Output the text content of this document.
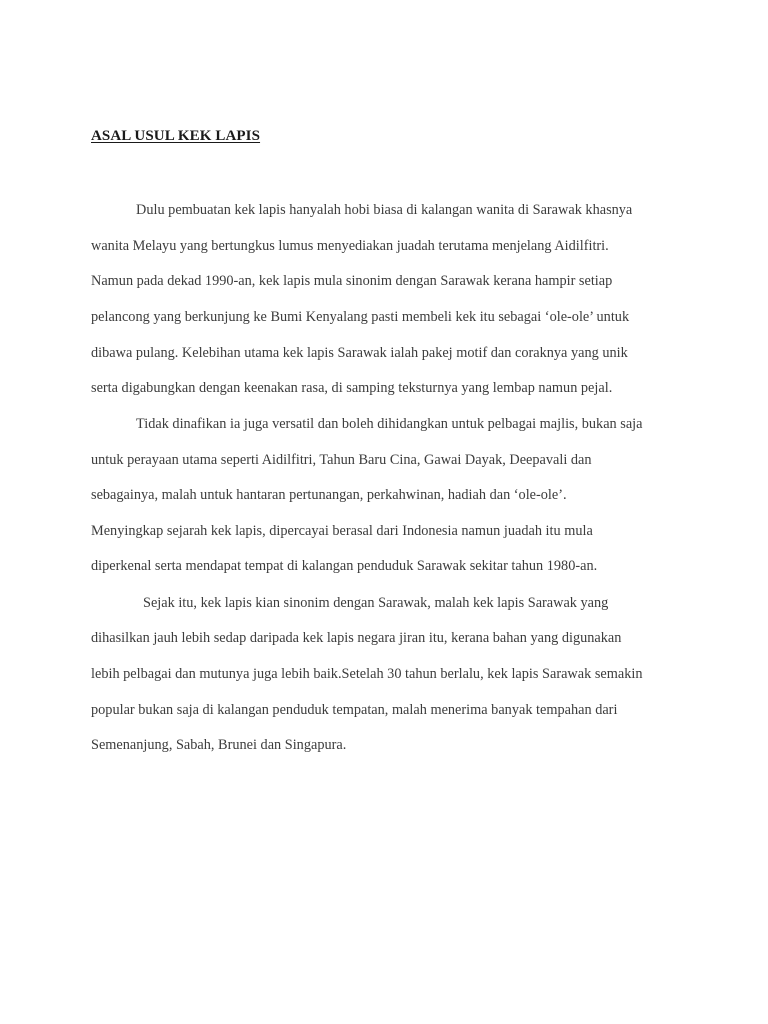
ASAL USUL KEK LAPIS

Dulu pembuatan kek lapis hanyalah hobi biasa di kalangan wanita di Sarawak khasnya

wanita Melayu yang bertungkus lumus menyediakan juadah terutama menjelang Aidilfitri.

Namun pada dekad 1990-an, kek lapis mula sinonim dengan Sarawak kerana hampir setiap

pelancong yang berkunjung ke Bumi Kenyalang pasti membeli kek itu sebagai ‘ole-ole’ untuk

dibawa pulang. Kelebihan utama kek lapis Sarawak ialah pakej motif dan coraknya yang unik

serta digabungkan dengan keenakan rasa, di samping teksturnya yang lembap namun pejal.

Tidak dinafikan ia juga versatil dan boleh dihidangkan untuk pelbagai majlis, bukan saja

untuk perayaan utama seperti Aidilfitri, Tahun Baru Cina, Gawai Dayak, Deepavali dan

sebagainya, malah untuk hantaran pertunangan, perkahwinan, hadiah dan ‘ole-ole’.

Menyingkap sejarah kek lapis, dipercayai berasal dari Indonesia namun juadah itu mula

diperkenal serta mendapat tempat di kalangan penduduk Sarawak sekitar tahun 1980-an.

Sejak itu, kek lapis kian sinonim dengan Sarawak, malah kek lapis Sarawak yang

dihasilkan jauh lebih sedap daripada kek lapis negara jiran itu, kerana bahan yang digunakan

lebih pelbagai dan mutunya juga lebih baik.Setelah 30 tahun berlalu, kek lapis Sarawak semakin

popular bukan saja di kalangan penduduk tempatan, malah menerima banyak tempahan dari

Semenanjung, Sabah, Brunei dan Singapura.
